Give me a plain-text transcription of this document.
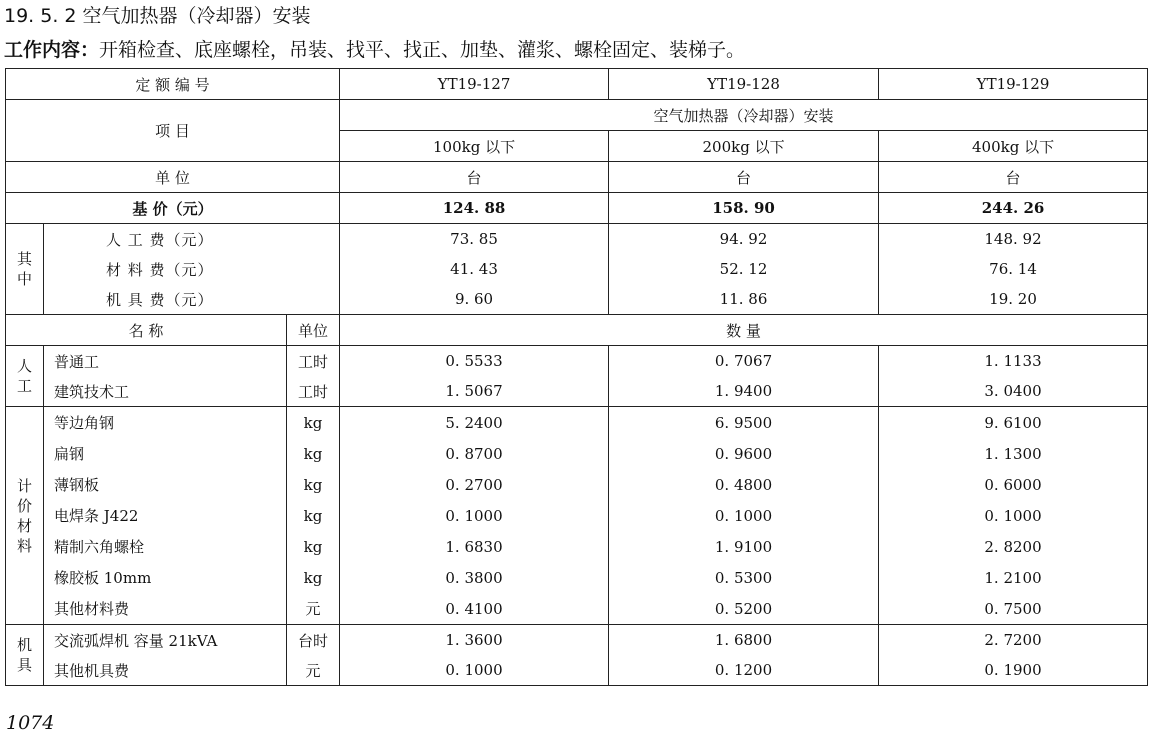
19. 5. 2 空气加热器（冷却器）安装
工作内容：开箱检查、底座螺栓，吊装、找平、找正、加垫、灌浆、螺栓固定、装梯子。
定 额 编 号			YT19-127	YT19-128	YT19-129
项 目			空气加热器（冷却器）安装		
			100kg 以下	200kg 以下	400kg 以下
单 位			台	台	台
基 价（元）			124. 88	158. 90	244. 26
其中	人 工 费（元）		73. 85	94. 92	148. 92
	材 料 费（元）		41. 43	52. 12	76. 14
	机 具 费（元）		9. 60	11. 86	19. 20
名 称		单位	数 量		
人工	普通工	工时	0. 5533	0. 7067	1. 1133
	建筑技术工	工时	1. 5067	1. 9400	3. 0400
计价材料	等边角钢	kg	5. 2400	6. 9500	9. 6100
	扁钢	kg	0. 8700	0. 9600	1. 1300
	薄钢板	kg	0. 2700	0. 4800	0. 6000
	电焊条 J422	kg	0. 1000	0. 1000	0. 1000
	精制六角螺栓	kg	1. 6830	1. 9100	2. 8200
	橡胶板 10mm	kg	0. 3800	0. 5300	1. 2100
	其他材料费	元	0. 4100	0. 5200	0. 7500
机具	交流弧焊机 容量 21kVA	台时	1. 3600	1. 6800	2. 7200
	其他机具费	元	0. 1000	0. 1200	0. 1900
1074
